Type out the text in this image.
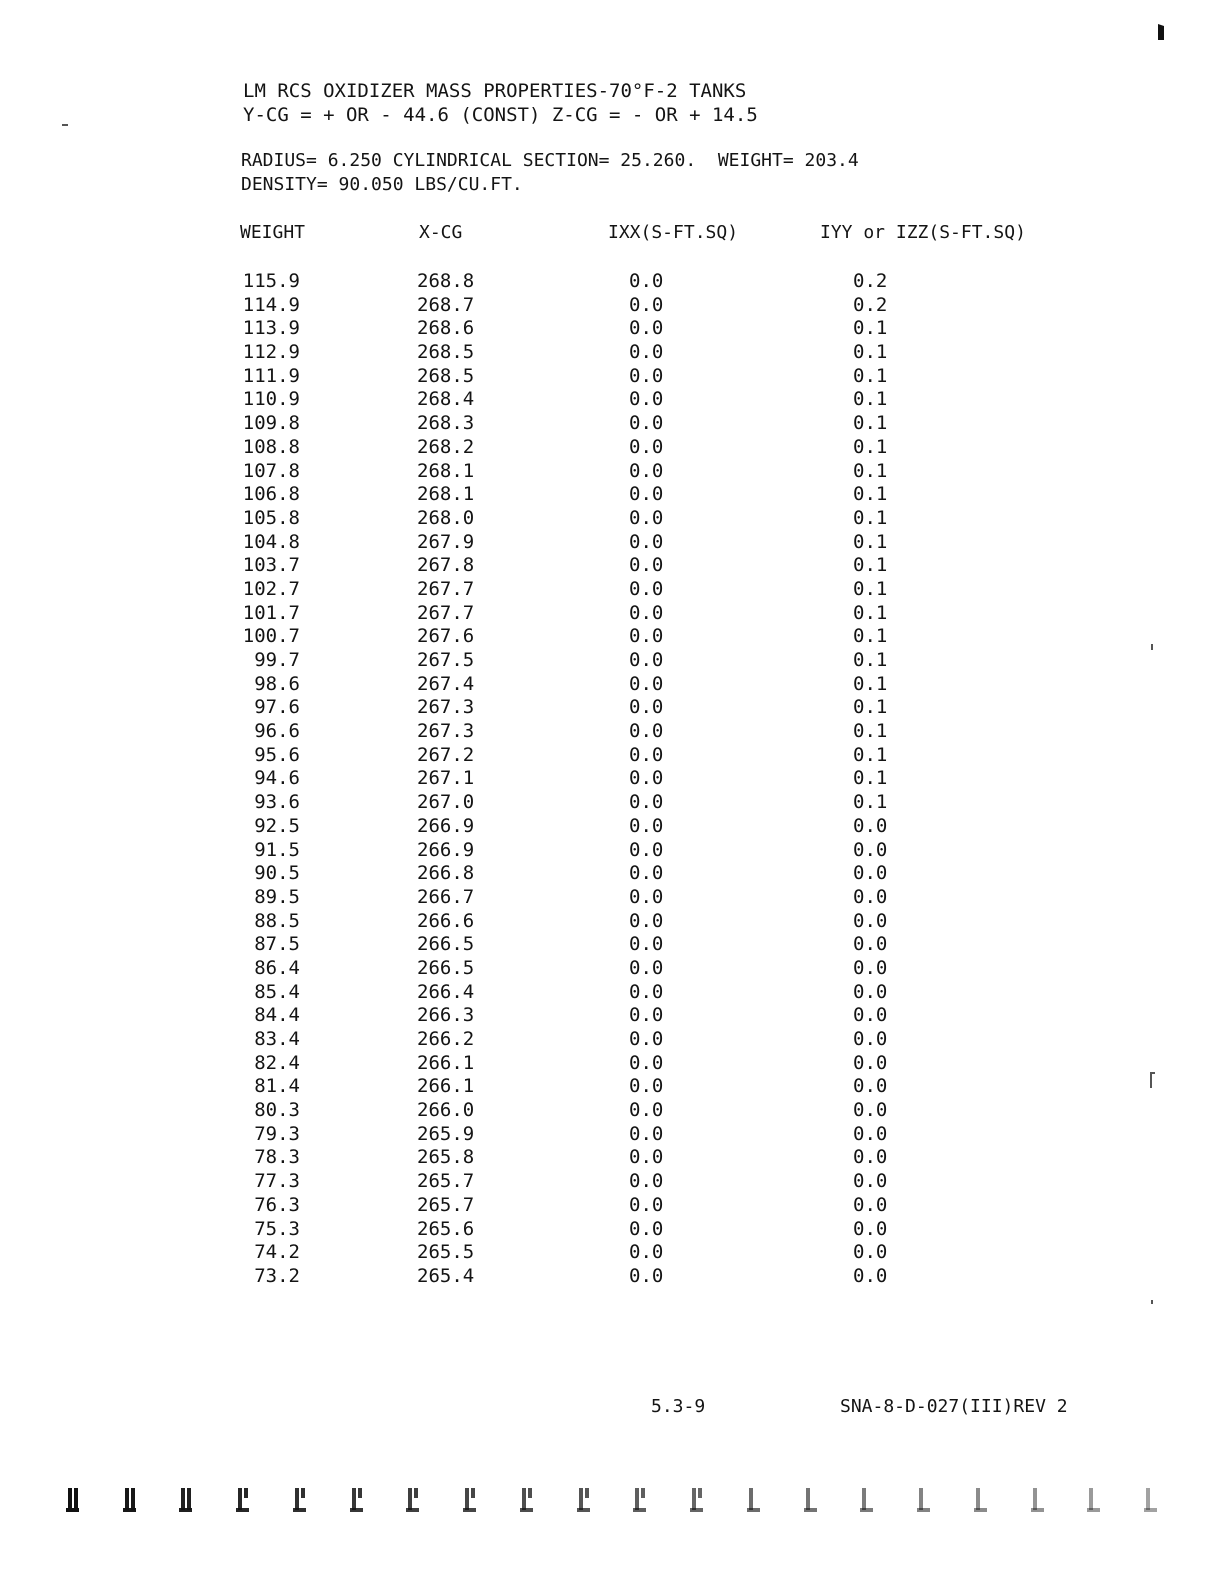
LM RCS OXIDIZER MASS PROPERTIES-70°F-2 TANKS
Y-CG = + OR - 44.6 (CONST) Z-CG = - OR + 14.5
RADIUS= 6.250 CYLINDRICAL SECTION= 25.260.  WEIGHT= 203.4
DENSITY= 90.050 LBS/CU.FT.
WEIGHT	X-CG	IXX(S-FT.SQ)	IYY or IZZ(S-FT.SQ)
115.9	268.8	0.0	0.2
114.9	268.7	0.0	0.2
113.9	268.6	0.0	0.1
112.9	268.5	0.0	0.1
111.9	268.5	0.0	0.1
110.9	268.4	0.0	0.1
109.8	268.3	0.0	0.1
108.8	268.2	0.0	0.1
107.8	268.1	0.0	0.1
106.8	268.1	0.0	0.1
105.8	268.0	0.0	0.1
104.8	267.9	0.0	0.1
103.7	267.8	0.0	0.1
102.7	267.7	0.0	0.1
101.7	267.7	0.0	0.1
100.7	267.6	0.0	0.1
99.7	267.5	0.0	0.1
98.6	267.4	0.0	0.1
97.6	267.3	0.0	0.1
96.6	267.3	0.0	0.1
95.6	267.2	0.0	0.1
94.6	267.1	0.0	0.1
93.6	267.0	0.0	0.1
92.5	266.9	0.0	0.0
91.5	266.9	0.0	0.0
90.5	266.8	0.0	0.0
89.5	266.7	0.0	0.0
88.5	266.6	0.0	0.0
87.5	266.5	0.0	0.0
86.4	266.5	0.0	0.0
85.4	266.4	0.0	0.0
84.4	266.3	0.0	0.0
83.4	266.2	0.0	0.0
82.4	266.1	0.0	0.0
81.4	266.1	0.0	0.0
80.3	266.0	0.0	0.0
79.3	265.9	0.0	0.0
78.3	265.8	0.0	0.0
77.3	265.7	0.0	0.0
76.3	265.7	0.0	0.0
75.3	265.6	0.0	0.0
74.2	265.5	0.0	0.0
73.2	265.4	0.0	0.0
5.3-9	SNA-8-D-027(III)REV 2
